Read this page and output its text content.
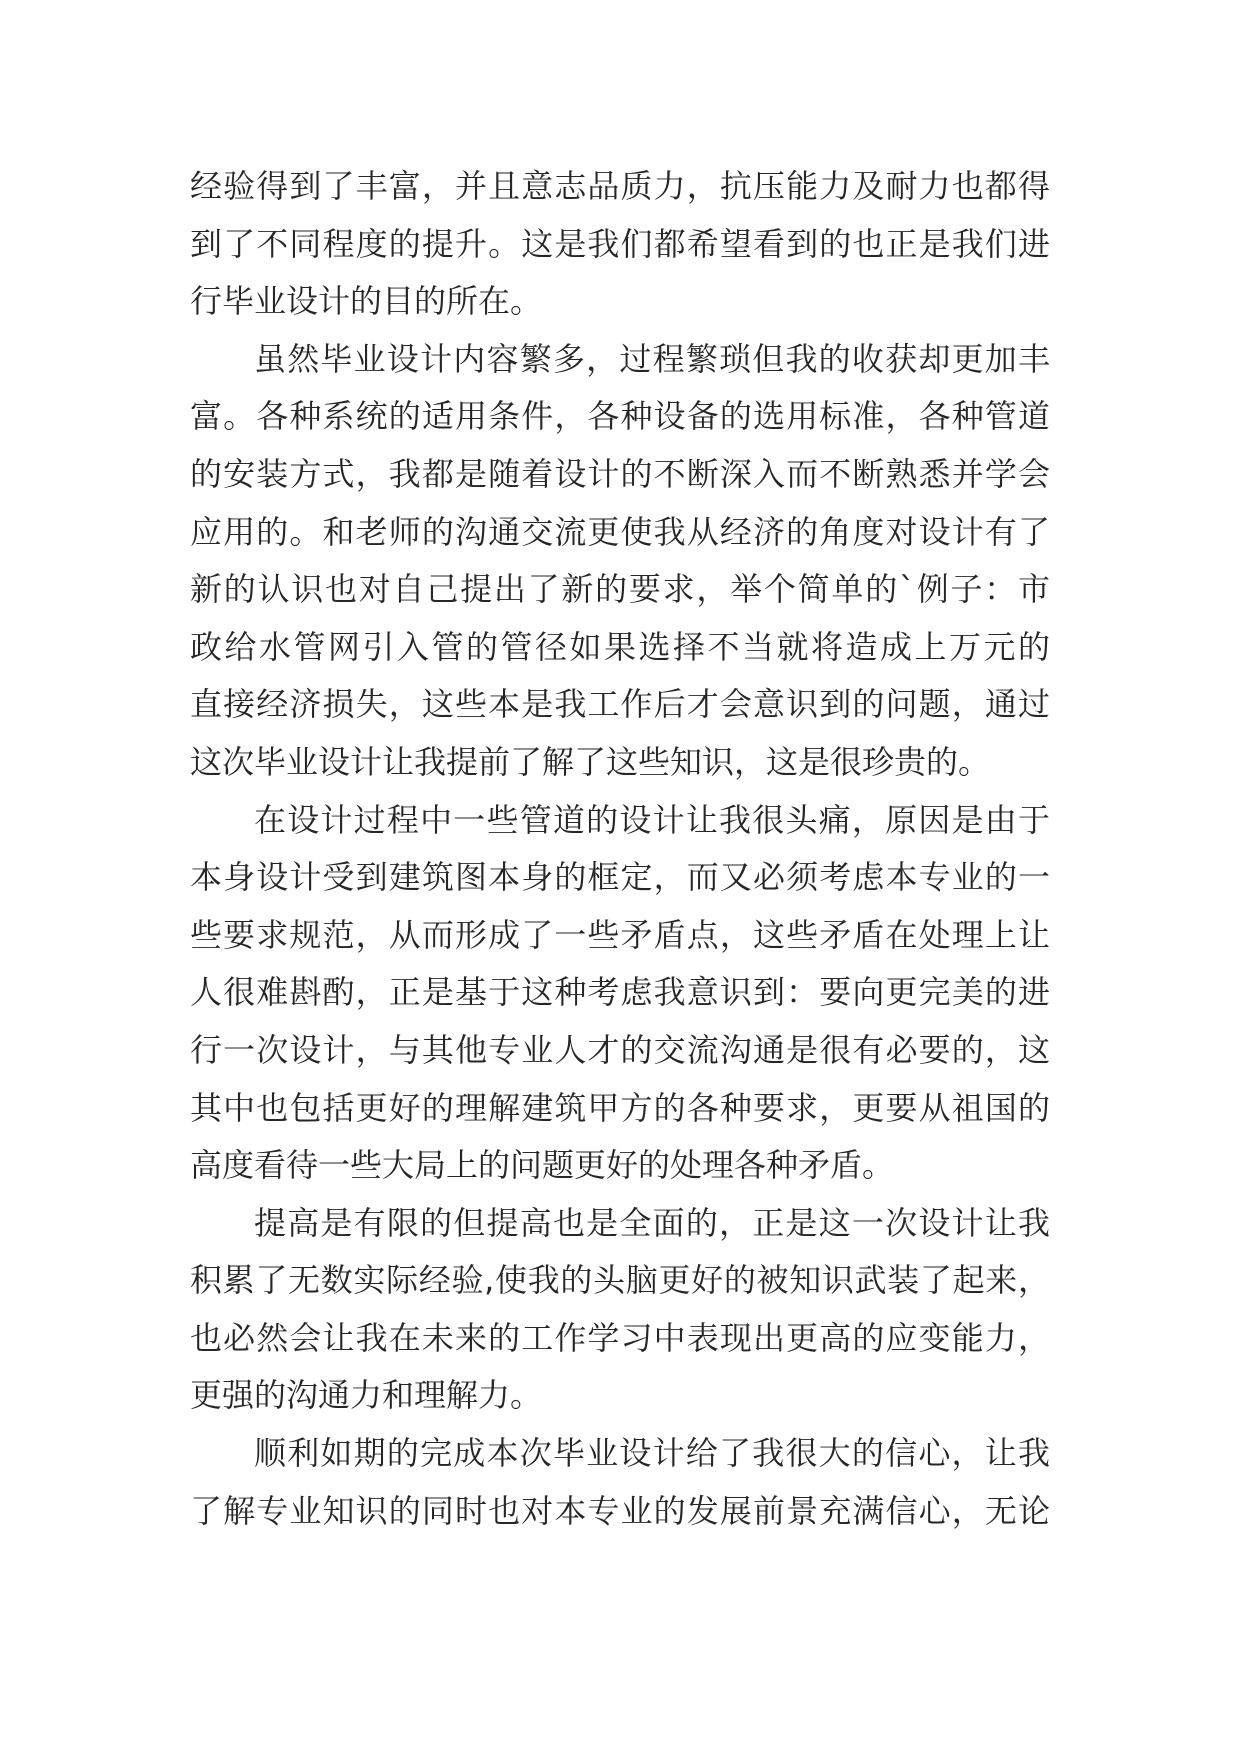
经验得到了丰富，并且意志品质力，抗压能力及耐力也都得
到了不同程度的提升。这是我们都希望看到的也正是我们进
行毕业设计的目的所在。
虽然毕业设计内容繁多，过程繁琐但我的收获却更加丰
富。各种系统的适用条件，各种设备的选用标准，各种管道
的安装方式，我都是随着设计的不断深入而不断熟悉并学会
应用的。和老师的沟通交流更使我从经济的角度对设计有了
新的认识也对自己提出了新的要求，举个简单的`例子：市
政给水管网引入管的管径如果选择不当就将造成上万元的
直接经济损失，这些本是我工作后才会意识到的问题，通过
这次毕业设计让我提前了解了这些知识，这是很珍贵的。
在设计过程中一些管道的设计让我很头痛，原因是由于
本身设计受到建筑图本身的框定，而又必须考虑本专业的一
些要求规范，从而形成了一些矛盾点，这些矛盾在处理上让
人很难斟酌，正是基于这种考虑我意识到：要向更完美的进
行一次设计，与其他专业人才的交流沟通是很有必要的，这
其中也包括更好的理解建筑甲方的各种要求，更要从祖国的
高度看待一些大局上的问题更好的处理各种矛盾。
提高是有限的但提高也是全面的，正是这一次设计让我
积累了无数实际经验,使我的头脑更好的被知识武装了起来，
也必然会让我在未来的工作学习中表现出更高的应变能力，
更强的沟通力和理解力。
顺利如期的完成本次毕业设计给了我很大的信心，让我
了解专业知识的同时也对本专业的发展前景充满信心，无论
